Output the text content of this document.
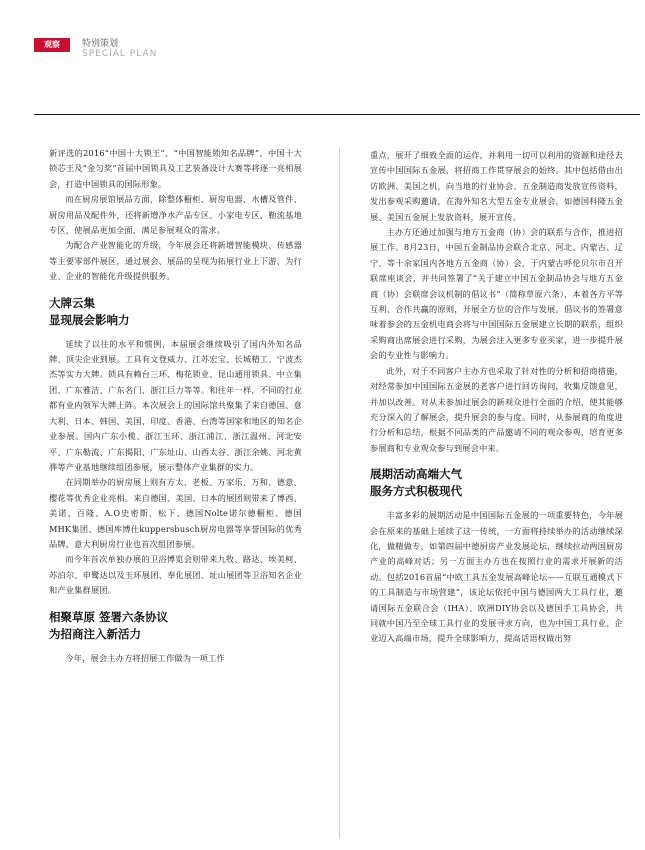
观察	特别策划
SPECIAL PLAN

新评选的2016“中国十大锁王”、“中国智能锁知名品牌”、中国十大锁芯王及“金匀奖”首届中国锁具及工艺装备设计大赛等将逐一亮相展会，打造中国锁具的国际形象。

而在厨房展馆展品方面，除整体橱柜、厨房电器、水槽及管件、厨房用品及配件外，还将新增净水产品专区、小家电专区、勒流基地专区，使展品更加全面，满足参展观众的需求。

为配合产业智能化的升级，今年展会还将新增智能模块、传感器等主要零部件展区，通过展会、展品的呈现为拓展行业上下游，为行业、企业的智能化升级提供服务。

大牌云集
显现展会影响力

延续了以往的水平和惯例，本届展会继续吸引了国内外知名品牌、顶尖企业到展。工具有文登威力、江苏宏宝、长城精工、宁波杰杰等实力大牌。锁具有赖台三环、梅花锁业、昆山通用锁具、中立集团、广东雅洁、广东名门、浙江巨力等等。和往年一样，不同的行业都有业内领军大牌上阵。本次展会上的国际馆共聚集了来自德国、意大利、日本、韩国、美国、印度、香港、台湾等国家和地区的知名企业参展。国内广东小榄、浙江玉环、浙江浦江、浙江温州、河北安平、广东勒流、广东揭阳、广东址山、山西太谷、浙江余姚、河北黄骅等产业基地继续组团参展，展示整体产业集群的实力。

在同期举办的厨房展上则有方太、老板、万家乐、万和、德意、樱花等优秀企业亮相。来自德国、美国、日本的展团则带来了博西、美诺、百隆、A.O史密斯、松下、德国Nolte诺尔德橱柜、德国MHK集团、德国库博仕kuppersbusch厨房电器等享誉国际的优秀品牌，意大利厨房行业也首次组团参展。

而今年首次单独办展的卫浴博览会则带来九牧、路达、埃美柯、苏泊尔、申鹭达以及玉环展团、奉化展团、址山展团等卫浴知名企业和产业集群展团。

相聚草原 签署六条协议
为招商注入新活力

今年，展会主办方将招展工作做为一项工作

重点，展开了细致全面的运作，并利用一切可以利用的资源和途径去宣传中国国际五金展，将招商工作贯穿展会的始终。其中包括借由出访欧洲、美国之机，向当地的行业协会、五金制造商发放宣传资料，发出参观采购邀请，在海外知名大型五金专业展会，如德国科隆五金展、美国五金展上发放资料，展开宣传。

主办方还通过加强与地方五金商（协）会的联系与合作，推进招展工作。8月23日，中国五金制品协会联合北京、河北、内蒙古、辽宁、等十余家国内各地方五金商（协）会，于内蒙古呼伦贝尔市召开联席座谈会，并共同签署了“关于建立中国五金制品协会与地方五金商（协）会联席会议机制的倡议书”（简称草原六条），本着各方平等互利、合作共赢的原则，开展全方位的合作与发展。倡议书的签署意味着参会的五金机电商会将与中国国际五金展建立长期的联系，组织采购商出席展会进行采购，为展会注入更多专业买家，进一步提升展会的专业性与影响力。

此外，对于不同客户主办方也采取了针对性的分析和招商措施，对经常参加中国国际五金展的老客户进行回访询问，收集反馈意见，并加以改善。对从未参加过展会的新观众进行全面的介绍，使其能够充分深入的了解展会，提升展会的参与度。同时，从参展商的角度进行分析和总结，根据不同品类的产品邀请不同的观众参观，培育更多参展商和专业观众参与到展会中来。

展期活动高端大气
服务方式积极现代

丰富多彩的展期活动是中国国际五金展的一项重要特色，今年展会在原来的基础上延续了这一传统，一方面将持续举办的活动继续深化，做精做专，如第四届中德厨房产业发展论坛，继续拉动两国厨房产业的高峰对话；另一方面主办方也在按照行业的需求开展新的活动。包括2016首届“中欧工具五金发展高峰论坛——互联互通模式下的工具制造与市场营建”，该论坛依托中国与德国两大工具行业，邀请国际五金联合会（IHA）、欧洲DIY协会以及德国手工具协会，共同就中国乃至全球工具行业的发展寻求方向，也为中国工具行业、企业迈入高端市场，提升全球影响力，提高话语权做出努
